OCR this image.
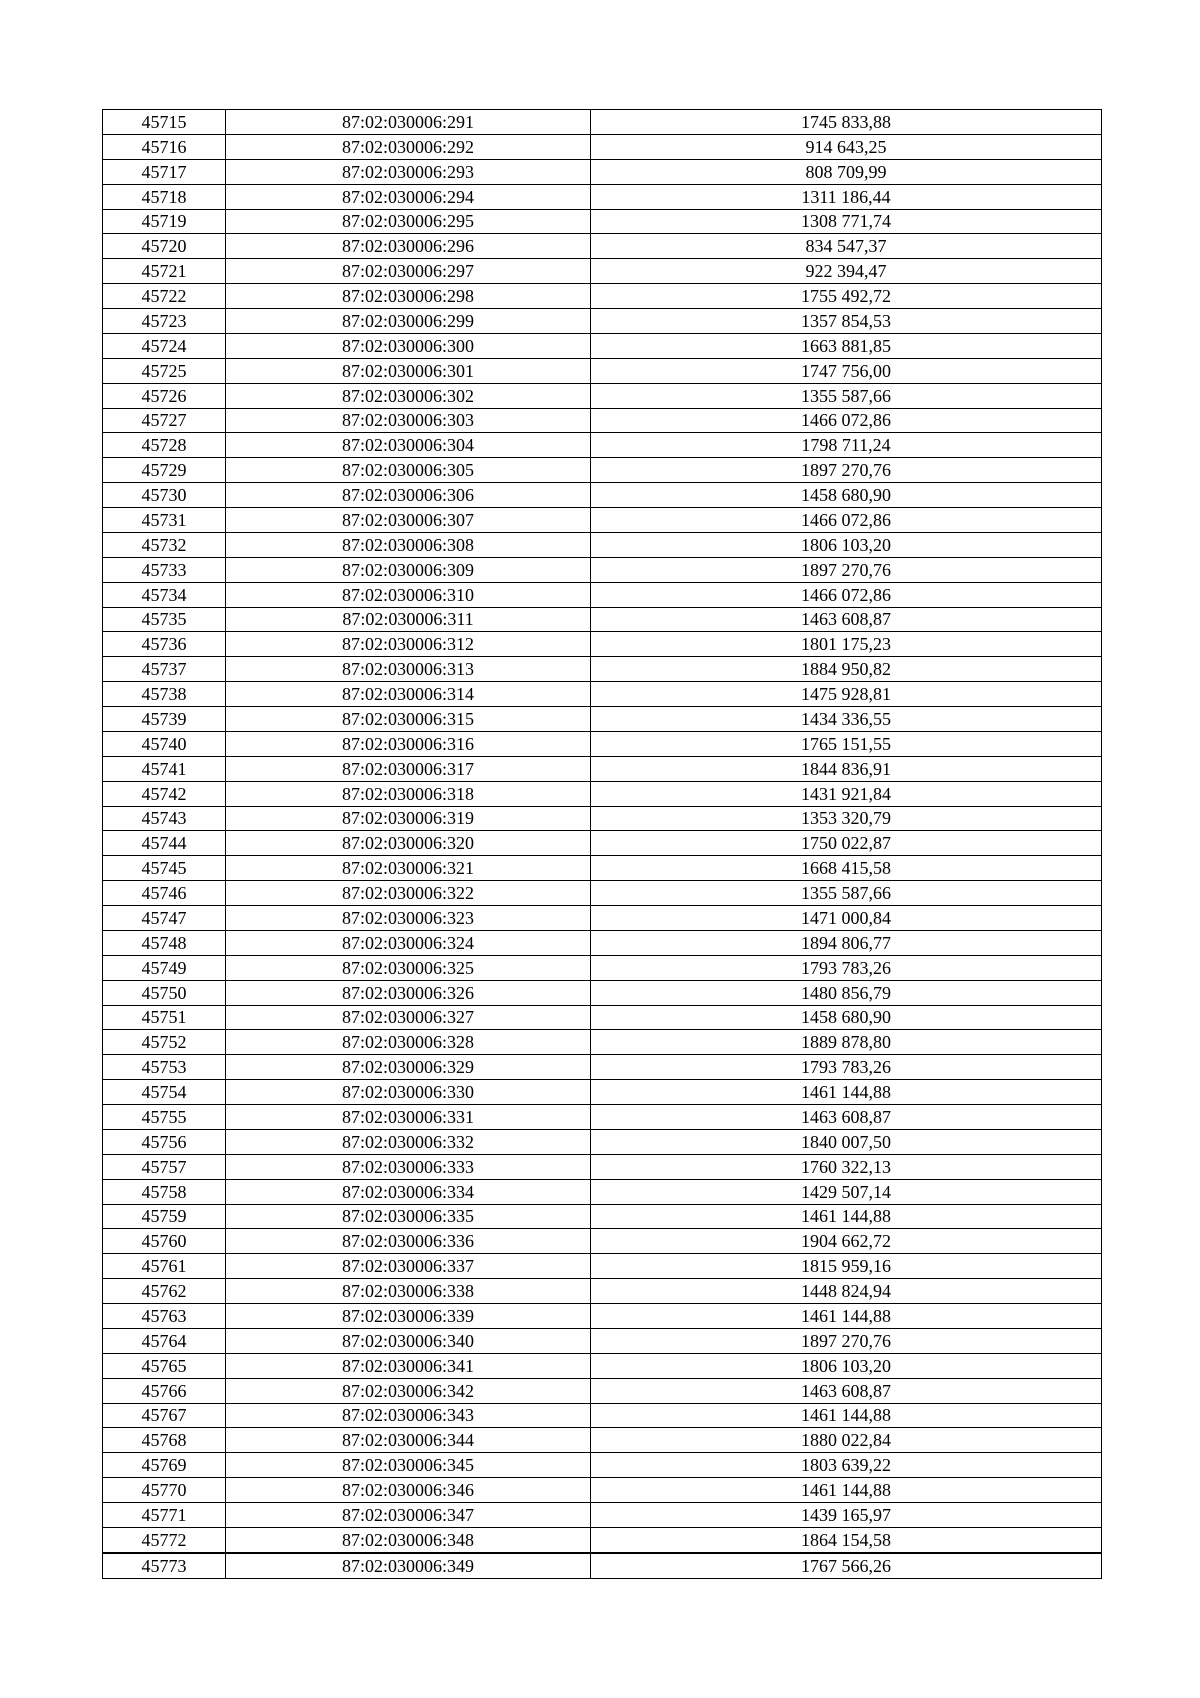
45715	87:02:030006:291	1745 833,88
45716	87:02:030006:292	914 643,25
45717	87:02:030006:293	808 709,99
45718	87:02:030006:294	1311 186,44
45719	87:02:030006:295	1308 771,74
45720	87:02:030006:296	834 547,37
45721	87:02:030006:297	922 394,47
45722	87:02:030006:298	1755 492,72
45723	87:02:030006:299	1357 854,53
45724	87:02:030006:300	1663 881,85
45725	87:02:030006:301	1747 756,00
45726	87:02:030006:302	1355 587,66
45727	87:02:030006:303	1466 072,86
45728	87:02:030006:304	1798 711,24
45729	87:02:030006:305	1897 270,76
45730	87:02:030006:306	1458 680,90
45731	87:02:030006:307	1466 072,86
45732	87:02:030006:308	1806 103,20
45733	87:02:030006:309	1897 270,76
45734	87:02:030006:310	1466 072,86
45735	87:02:030006:311	1463 608,87
45736	87:02:030006:312	1801 175,23
45737	87:02:030006:313	1884 950,82
45738	87:02:030006:314	1475 928,81
45739	87:02:030006:315	1434 336,55
45740	87:02:030006:316	1765 151,55
45741	87:02:030006:317	1844 836,91
45742	87:02:030006:318	1431 921,84
45743	87:02:030006:319	1353 320,79
45744	87:02:030006:320	1750 022,87
45745	87:02:030006:321	1668 415,58
45746	87:02:030006:322	1355 587,66
45747	87:02:030006:323	1471 000,84
45748	87:02:030006:324	1894 806,77
45749	87:02:030006:325	1793 783,26
45750	87:02:030006:326	1480 856,79
45751	87:02:030006:327	1458 680,90
45752	87:02:030006:328	1889 878,80
45753	87:02:030006:329	1793 783,26
45754	87:02:030006:330	1461 144,88
45755	87:02:030006:331	1463 608,87
45756	87:02:030006:332	1840 007,50
45757	87:02:030006:333	1760 322,13
45758	87:02:030006:334	1429 507,14
45759	87:02:030006:335	1461 144,88
45760	87:02:030006:336	1904 662,72
45761	87:02:030006:337	1815 959,16
45762	87:02:030006:338	1448 824,94
45763	87:02:030006:339	1461 144,88
45764	87:02:030006:340	1897 270,76
45765	87:02:030006:341	1806 103,20
45766	87:02:030006:342	1463 608,87
45767	87:02:030006:343	1461 144,88
45768	87:02:030006:344	1880 022,84
45769	87:02:030006:345	1803 639,22
45770	87:02:030006:346	1461 144,88
45771	87:02:030006:347	1439 165,97
45772	87:02:030006:348	1864 154,58
45773	87:02:030006:349	1767 566,26
